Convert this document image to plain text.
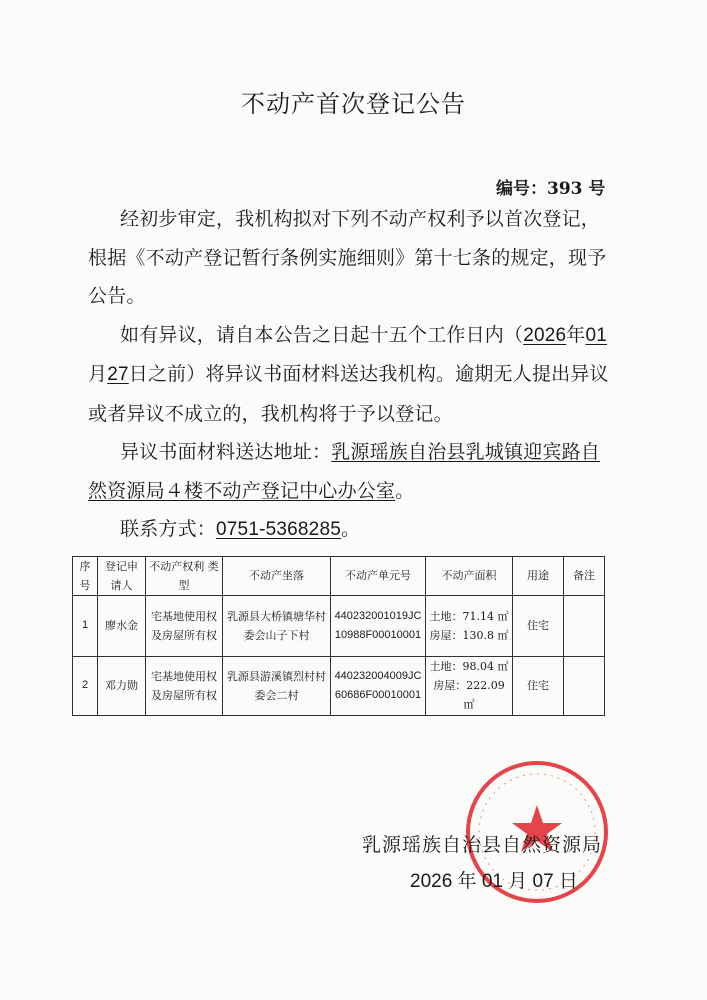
不动产首次登记公告
编号：393 号

经初步审定，我机构拟对下列不动产权利予以首次登记，根据《不动产登记暂行条例实施细则》第十七条的规定，现予公告。

如有异议，请自本公告之日起十五个工作日内（2026年01月27日之前）将异议书面材料送达我机构。逾期无人提出异议或者异议不成立的，我机构将于予以登记。

异议书面材料送达地址：乳源瑶族自治县乳城镇迎宾路自然资源局４楼不动产登记中心办公室。

联系方式：0751-5368285。

序号	登记申请人	不动产权利 类型	不动产坐落	不动产单元号	不动产面积	用途	备注
1	廖水金	宅基地使用权及房屋所有权	乳源县大桥镇塘华村委会山子下村	440232001019JC10988F00010001	土地：71.14 ㎡
房屋：130.8 ㎡	住宅	
2	邓力勋	宅基地使用权及房屋所有权	乳源县游溪镇烈村村委会二村	440232004009JC60686F00010001	土地：98.04 ㎡
房屋：222.09 ㎡	住宅	
乳源瑶族自治县自然资源局
2026 年 01 月 07 日
